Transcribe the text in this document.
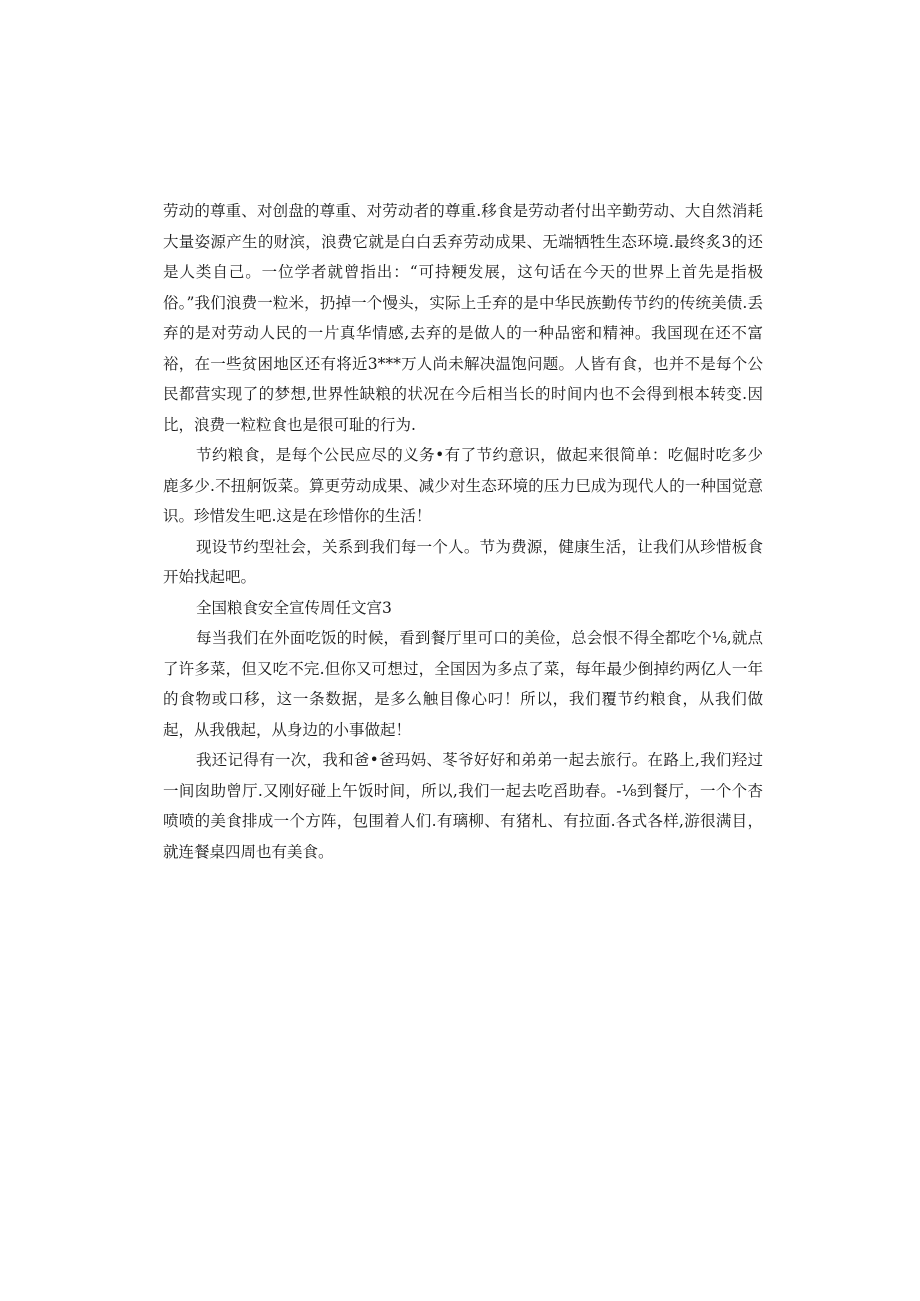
劳动的尊重、对创盘的尊重、对劳动者的尊重.移食是劳动者付出辛勤劳动、大自然消耗大量姿源产生的财滨，浪费它就是白白丢弃劳动成果、无端牺牲生态环境.最终炙3的还是人类自己。一位学者就曾指出：“可持粳发展，这句话在今天的世界上首先是指极俗。”我们浪费一粒米，扔掉一个慢头，实际上壬弃的是中华民族勤传节约的传统美债.丢弃的是对劳动人民的一片真华情感,去弃的是做人的一种品密和精神。我国现在还不富裕，在一些贫困地区还有将近3***万人尚未解决温饱问题。人皆有食，也并不是每个公民都营实现了的梦想,世界性缺粮的状况在今后相当长的时间内也不会得到根本转变.因比，浪费一粒粒食也是很可耻的行为.

节约粮食，是每个公民应尽的义务•有了节约意识，做起来很简单：吃倔时吃多少鹿多少.不扭舸饭菜。算更劳动成果、减少对生态环境的压力巳成为现代人的一种国觉意识。珍惜发生吧.这是在珍惜你的生活！

现设节约型社会，关系到我们每一个人。节为费源，健康生活，让我们从珍惜板食开始找起吧。

全国粮食安全宣传周任文宫3

每当我们在外面吃饭的时候，看到餐厅里可口的美俭，总会恨不得全都吃个⅛,就点了许多菜，但又吃不完.但你又可想过，全国因为多点了菜，每年最少倒掉约两亿人一年的食物或口移，这一条数据，是多么触目像心叼！所以，我们覆节约粮食，从我们做起，从我俄起，从身边的小事做起！

我还记得有一次，我和爸•爸玛妈、苳爷好好和弟弟一起去旅行。在路上,我们羟过一间囱助曾厅.又刚好碰上午饭时间，所以,我们一起去吃舀助春。-⅛到餐厅，一个个杏喷喷的美食排成一个方阵，包围着人们.有璃柳、有猪札、有拉面.各式各样,游很满目，就连餐桌四周也有美食。
